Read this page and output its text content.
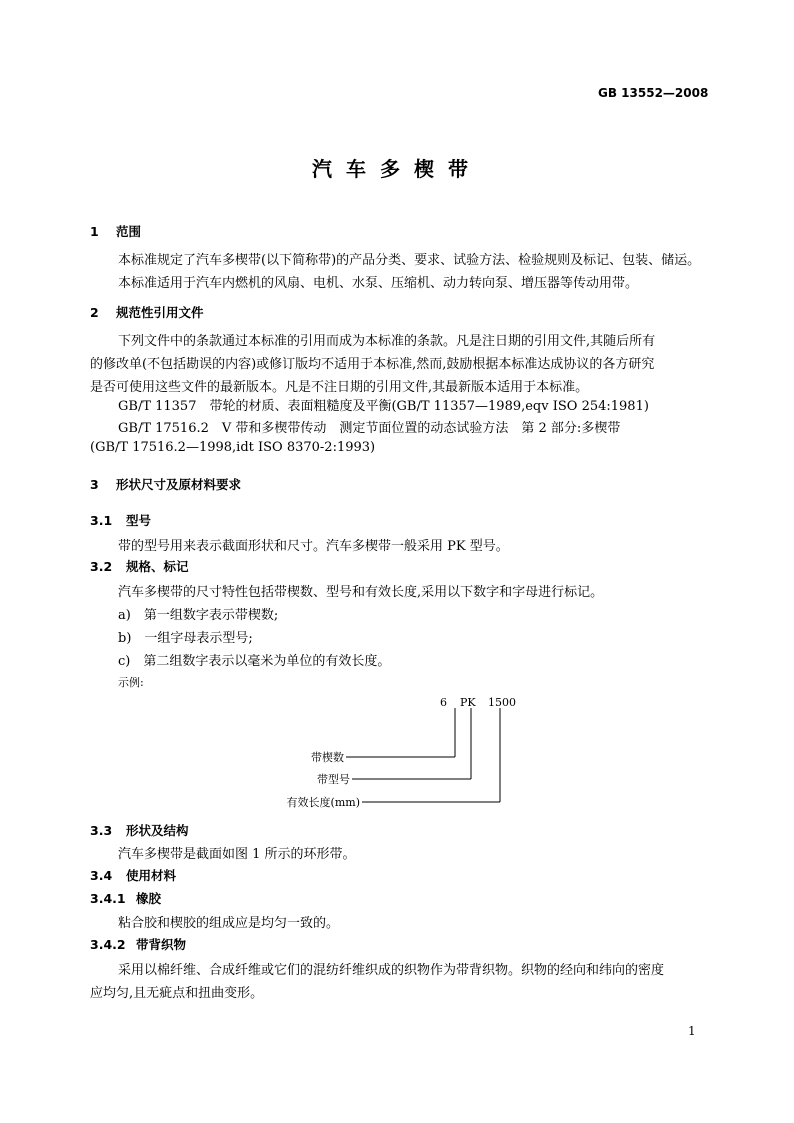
GB 13552—2008
汽车多楔带
1 范围
本标准规定了汽车多楔带(以下简称带)的产品分类、要求、试验方法、检验规则及标记、包装、储运。
本标准适用于汽车内燃机的风扇、电机、水泵、压缩机、动力转向泵、增压器等传动用带。
2 规范性引用文件
下列文件中的条款通过本标准的引用而成为本标准的条款。凡是注日期的引用文件,其随后所有
的修改单(不包括勘误的内容)或修订版均不适用于本标准,然而,鼓励根据本标准达成协议的各方研究
是否可使用这些文件的最新版本。凡是不注日期的引用文件,其最新版本适用于本标准。
GB/T 11357　带轮的材质、表面粗糙度及平衡(GB/T 11357—1989,eqv ISO 254:1981)
GB/T 17516.2　V 带和多楔带传动　测定节面位置的动态试验方法　第 2 部分:多楔带
(GB/T 17516.2—1998,idt ISO 8370-2:1993)
3 形状尺寸及原材料要求
3.1 型号
带的型号用来表示截面形状和尺寸。汽车多楔带一般采用 PK 型号。
3.2 规格、标记
汽车多楔带的尺寸特性包括带楔数、型号和有效长度,采用以下数字和字母进行标记。
a)　第一组数字表示带楔数;
b)　一组字母表示型号;
c)　第二组数字表示以毫米为单位的有效长度。
示例:
6 PK 1500
带楔数
带型号
有效长度(mm)
3.3 形状及结构
汽车多楔带是截面如图 1 所示的环形带。
3.4 使用材料
3.4.1 橡胶
粘合胶和楔胶的组成应是均匀一致的。
3.4.2 带背织物
采用以棉纤维、合成纤维或它们的混纺纤维织成的织物作为带背织物。织物的经向和纬向的密度
应均匀,且无疵点和扭曲变形。
1
